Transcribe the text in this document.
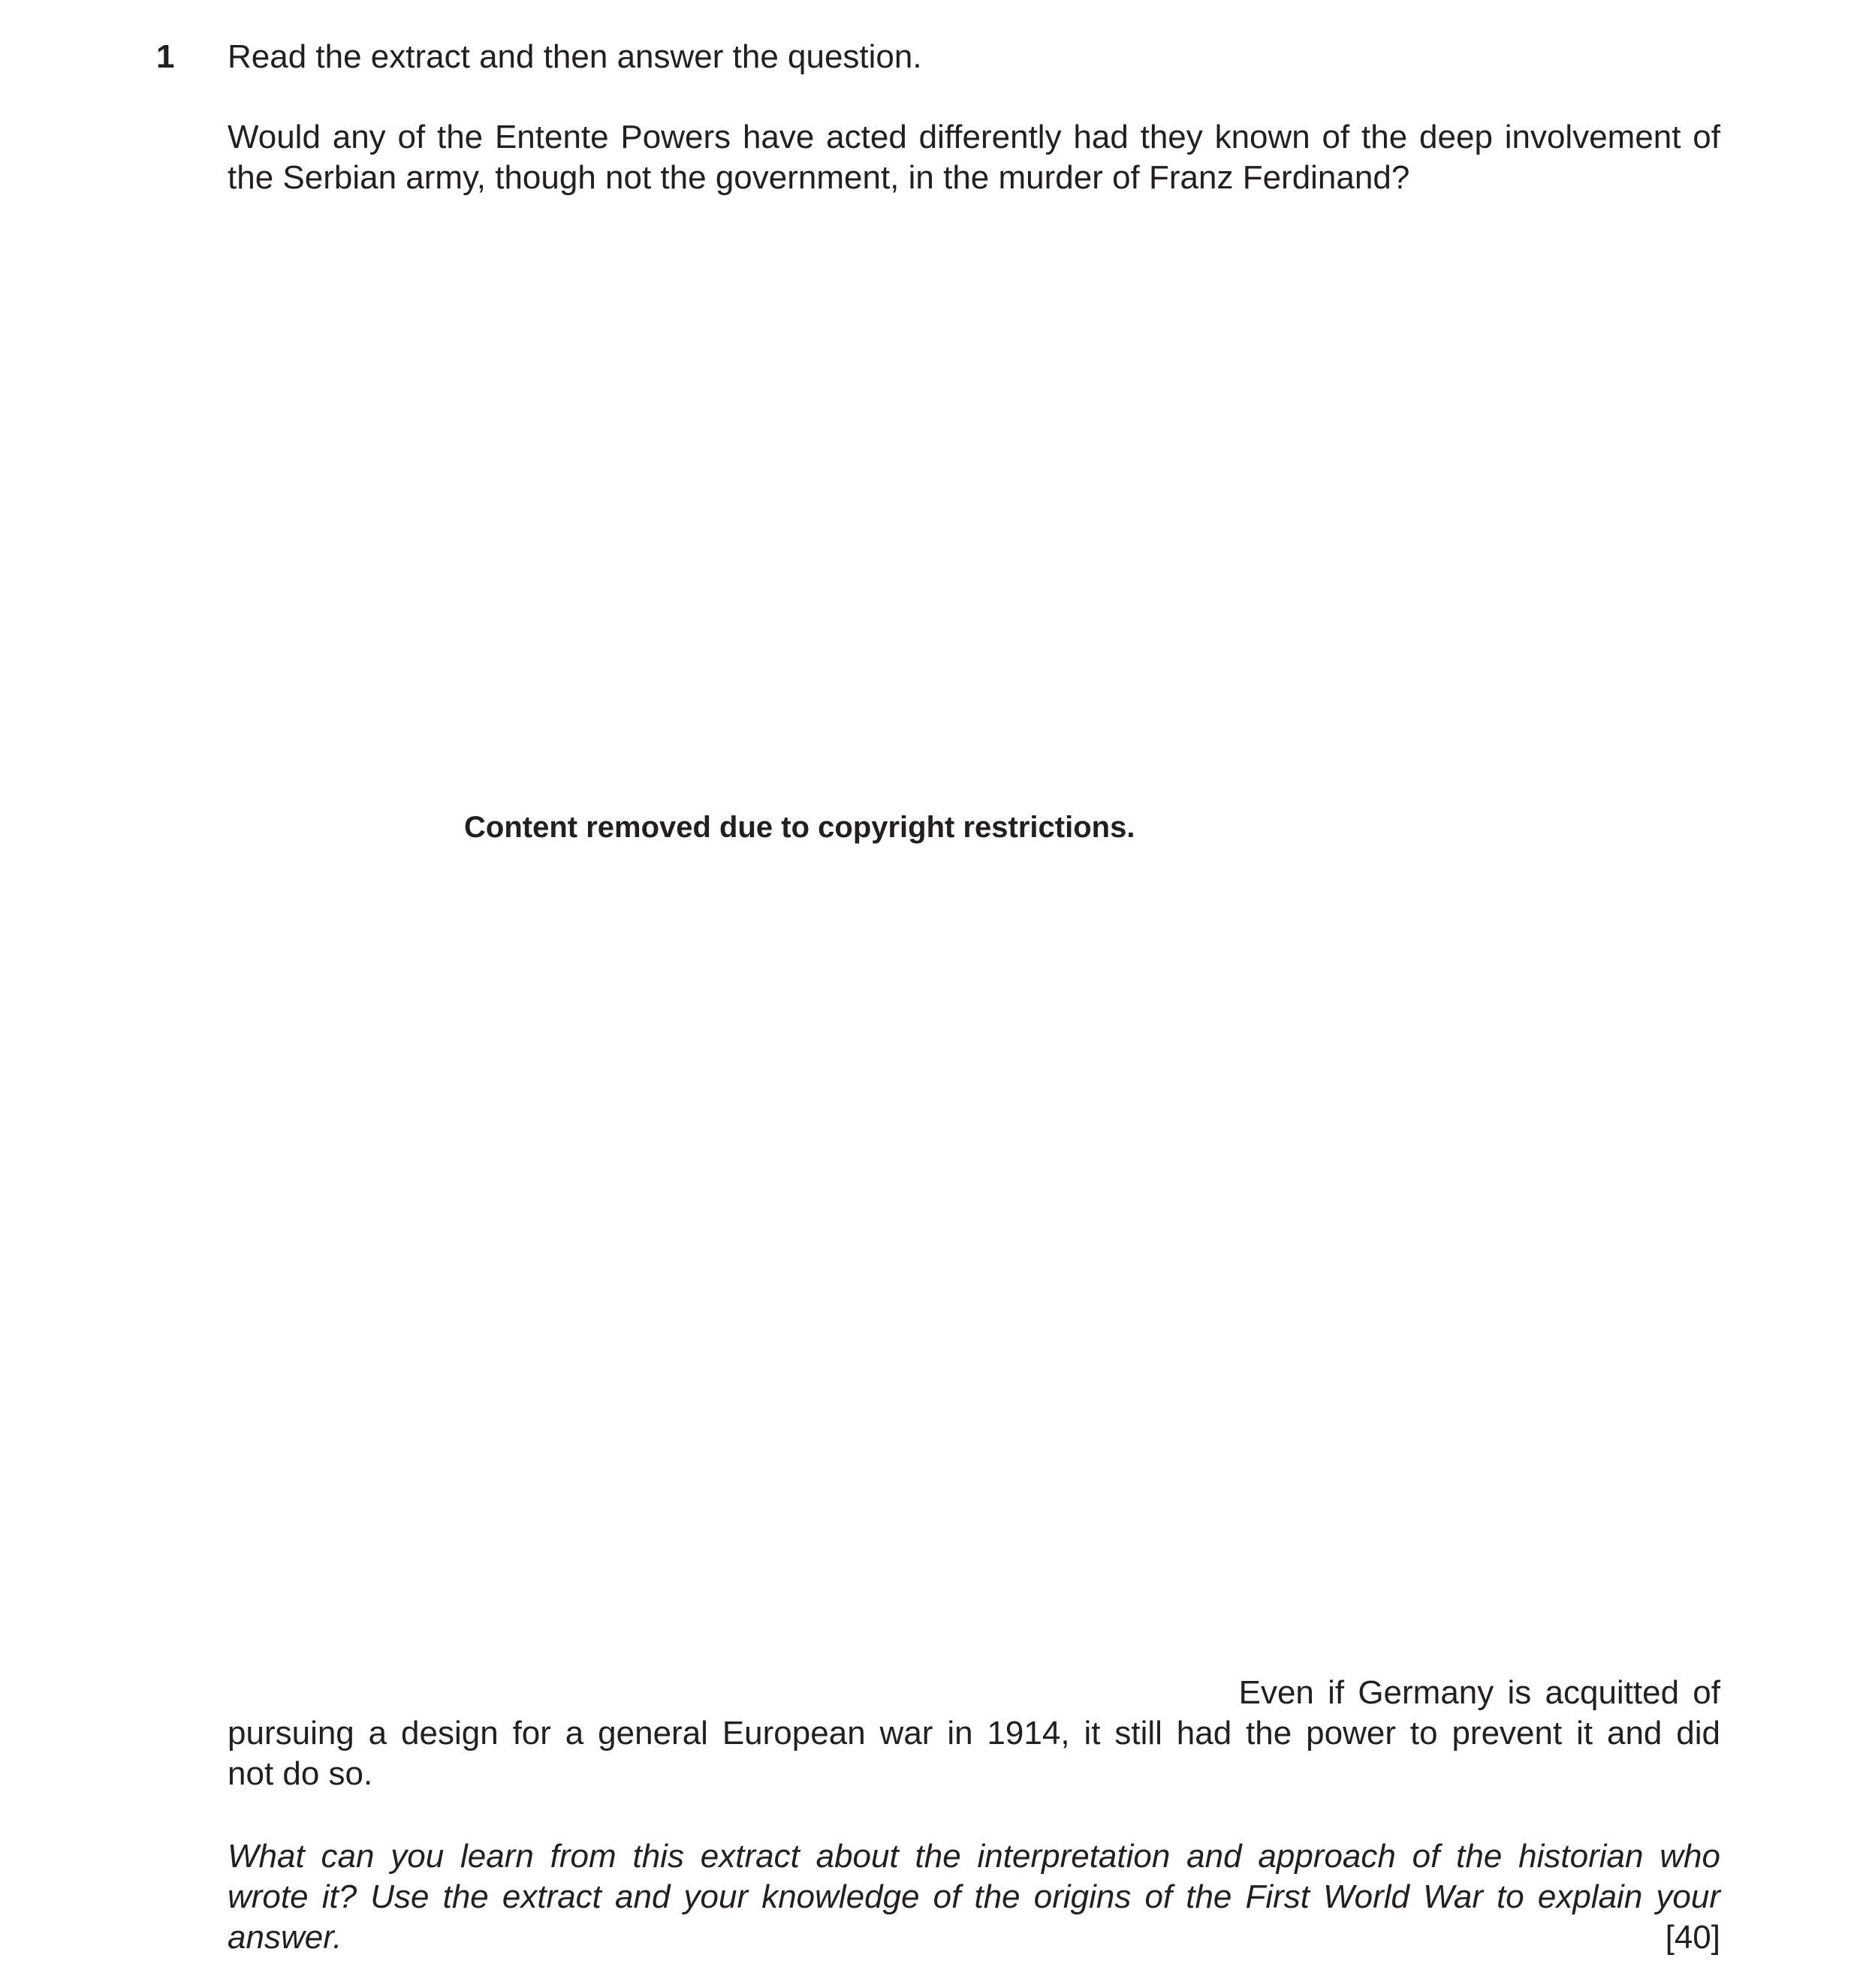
1 Read the extract and then answer the question.
Would any of the Entente Powers have acted differently had they known of the deep involvement of
the Serbian army, though not the government, in the murder of Franz Ferdinand?
Content removed due to copyright restrictions.
Even if Germany is acquitted of
pursuing a design for a general European war in 1914, it still had the power to prevent it and did
not do so.
What can you learn from this extract about the interpretation and approach of the historian who
wrote it? Use the extract and your knowledge of the origins of the First World War to explain your
answer.	[40]
